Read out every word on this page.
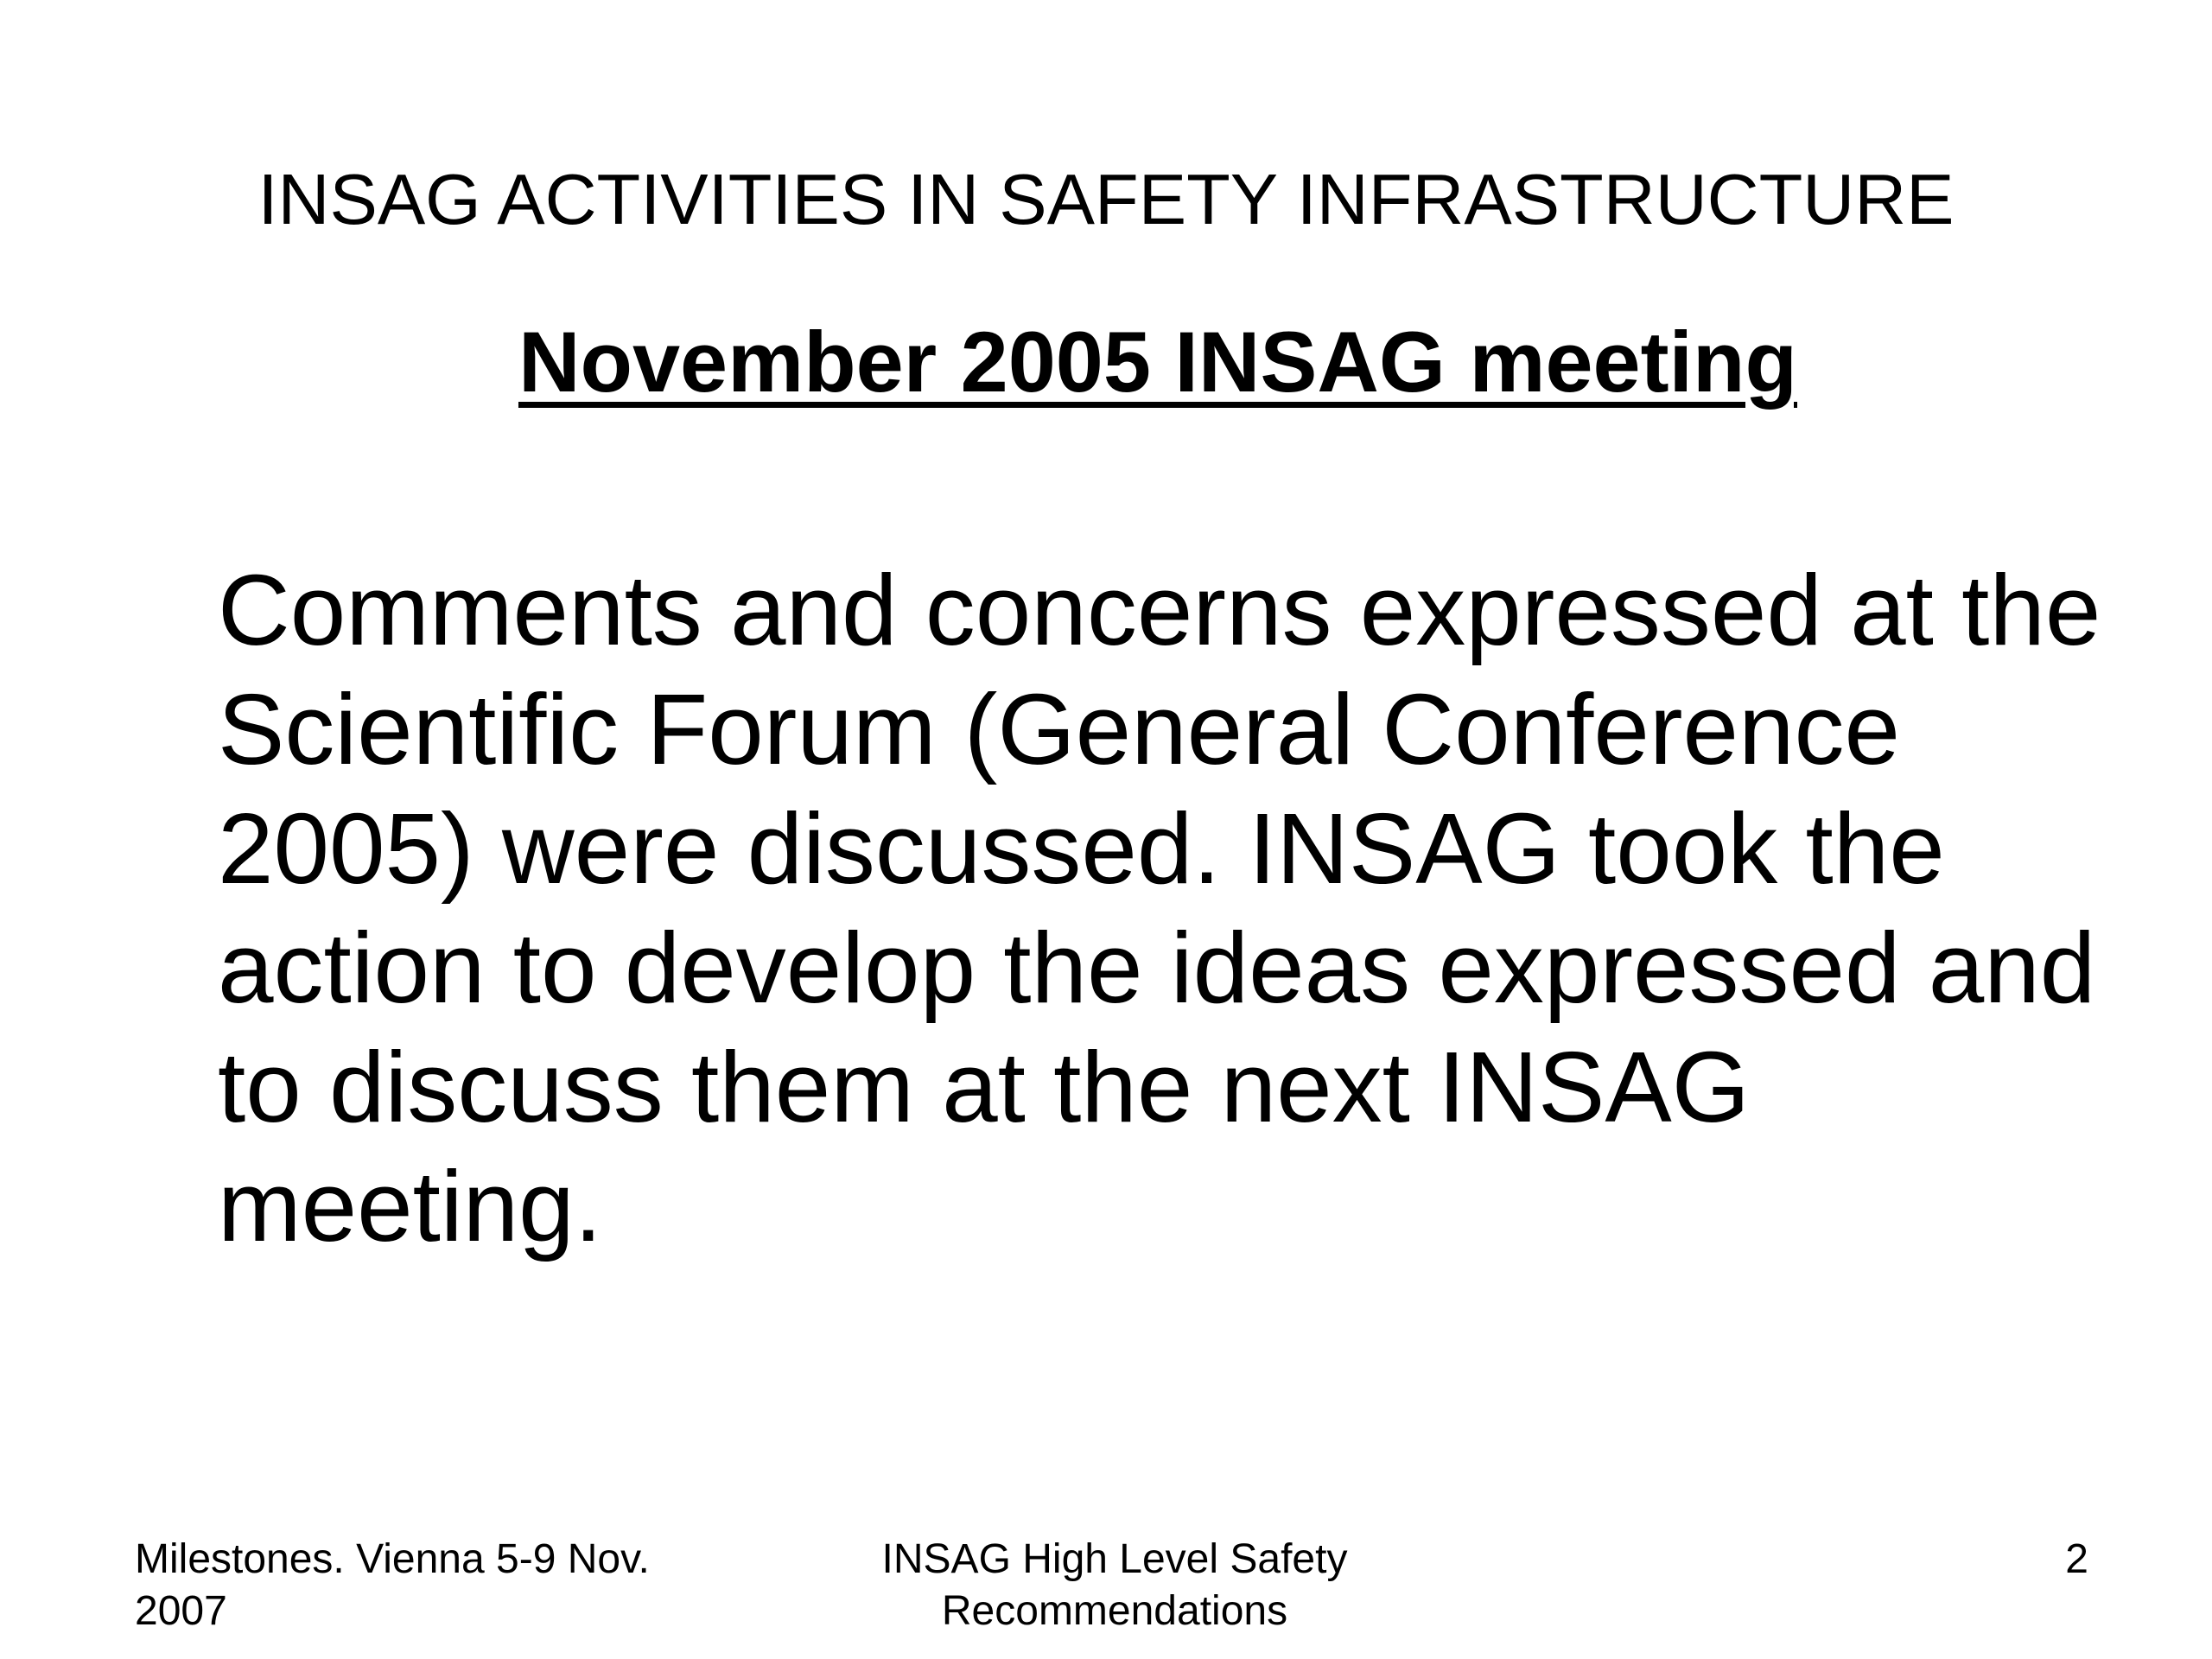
INSAG ACTIVITIES IN SAFETY INFRASTRUCTURE
November 2005 INSAG meeting

Comments and concerns expressed at the Scientific Forum (General Conference 2005) were discussed. INSAG took the action to develop the ideas expressed and to discuss them at the next INSAG meeting.

Milestones. Vienna 5-9 Nov. 2007
INSAG High Level Safety Recommendations
2
